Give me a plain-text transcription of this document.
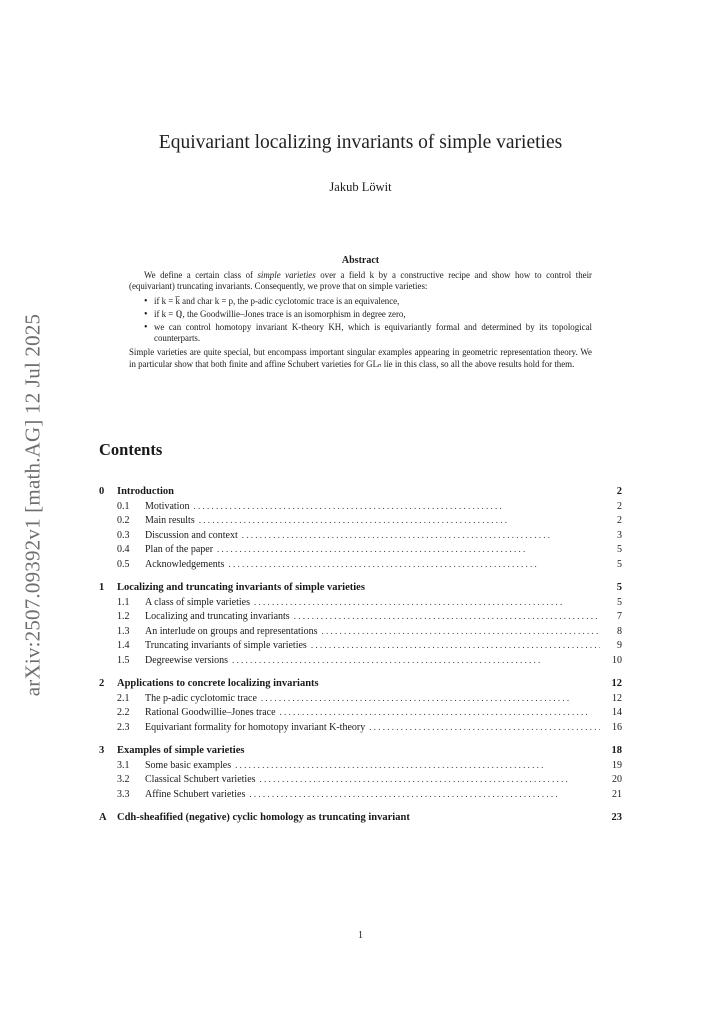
arXiv:2507.09392v1 [math.AG] 12 Jul 2025
Equivariant localizing invariants of simple varieties
Jakub Löwit
Abstract

We define a certain class of simple varieties over a field k by a constructive recipe and show how to control their (equivariant) truncating invariants. Consequently, we prove that on simple varieties:

• if k = k̅ and char k = p, the p-adic cyclotomic trace is an equivalence,
• if k = ℚ, the Goodwillie–Jones trace is an isomorphism in degree zero,
• we can control homotopy invariant K-theory KH, which is equivariantly formal and determined by its topological counterparts.

Simple varieties are quite special, but encompass important singular examples appearing in geometric representation theory. We in particular show that both finite and affine Schubert varieties for GLₙ lie in this class, so all the above results hold for them.

Contents
0	Introduction	2
0.1	Motivation . . .	2
0.2	Main results . . .	2
0.3	Discussion and context . . .	3
0.4	Plan of the paper . . .	5
0.5	Acknowledgements . . .	5
1	Localizing and truncating invariants of simple varieties	5
1.1	A class of simple varieties . . .	5
1.2	Localizing and truncating invariants . . .	7
1.3	An interlude on groups and representations . . .	8
1.4	Truncating invariants of simple varieties . . .	9
1.5	Degreewise versions . . .	10
2	Applications to concrete localizing invariants	12
2.1	The p-adic cyclotomic trace . . .	12
2.2	Rational Goodwillie–Jones trace . . .	14
2.3	Equivariant formality for homotopy invariant K-theory . . .	16
3	Examples of simple varieties	18
3.1	Some basic examples . . .	19
3.2	Classical Schubert varieties . . .	20
3.3	Affine Schubert varieties . . .	21
A Cdh-sheafified (negative) cyclic homology as truncating invariant	23
1
